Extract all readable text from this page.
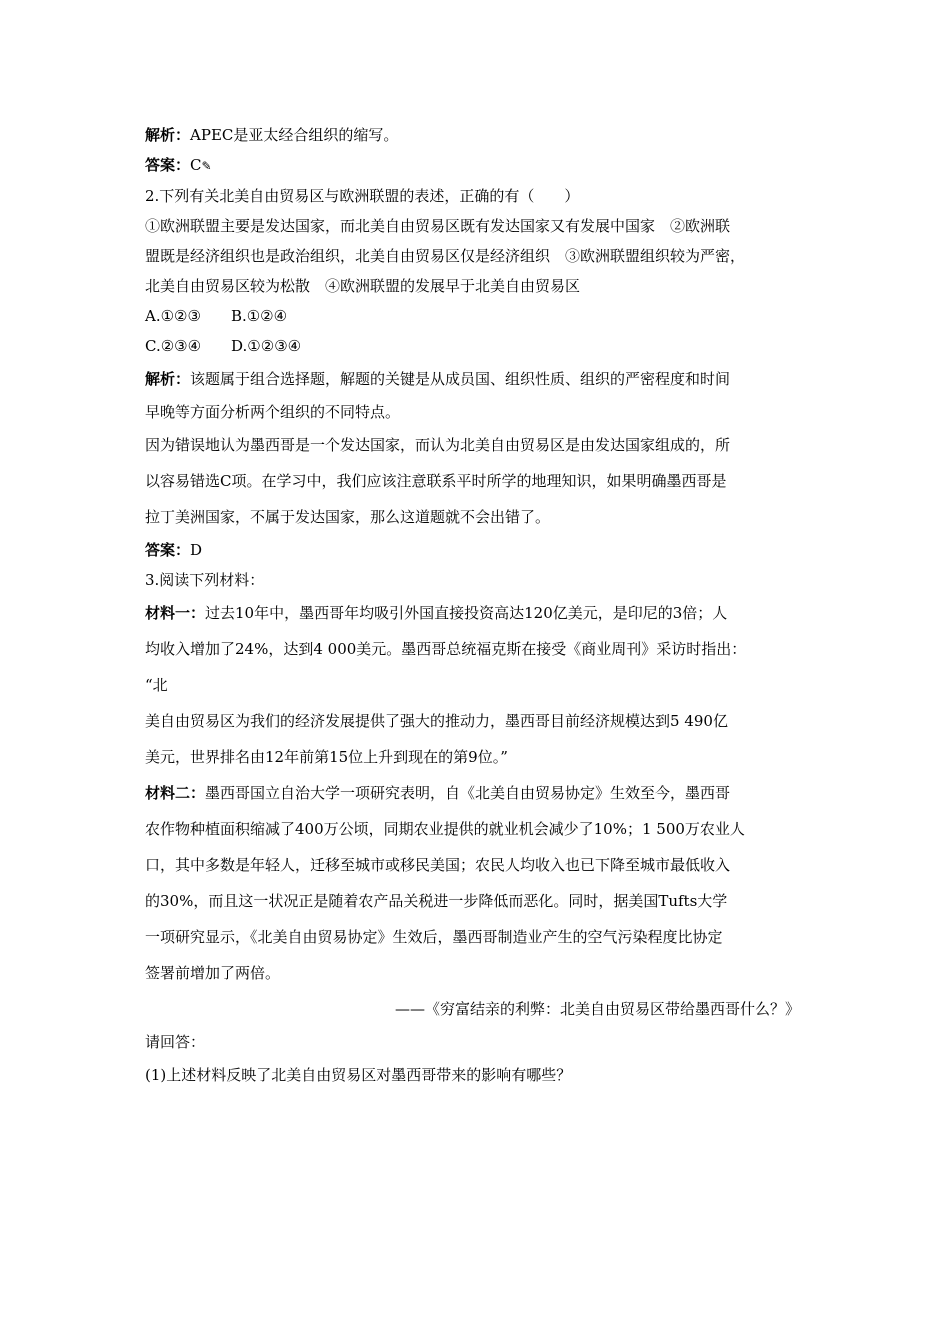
解析：APEC是亚太经合组织的缩写。

答案：C✎

2.下列有关北美自由贸易区与欧洲联盟的表述，正确的有（　　）

①欧洲联盟主要是发达国家，而北美自由贸易区既有发达国家又有发展中国家　②欧洲联

盟既是经济组织也是政治组织，北美自由贸易区仅是经济组织　③欧洲联盟组织较为严密，

北美自由贸易区较为松散　④欧洲联盟的发展早于北美自由贸易区

A.①②③　　B.①②④

C.②③④　　D.①②③④

解析：该题属于组合选择题，解题的关键是从成员国、组织性质、组织的严密程度和时间

早晚等方面分析两个组织的不同特点。

因为错误地认为墨西哥是一个发达国家，而认为北美自由贸易区是由发达国家组成的，所

以容易错选C项。在学习中，我们应该注意联系平时所学的地理知识，如果明确墨西哥是

拉丁美洲国家，不属于发达国家，那么这道题就不会出错了。

答案：D

3.阅读下列材料：

材料一：过去10年中，墨西哥年均吸引外国直接投资高达120亿美元，是印尼的3倍；人

均收入增加了24%，达到4 000美元。墨西哥总统福克斯在接受《商业周刊》采访时指出：

“北

美自由贸易区为我们的经济发展提供了强大的推动力，墨西哥目前经济规模达到5 490亿

美元，世界排名由12年前第15位上升到现在的第9位。”

材料二：墨西哥国立自治大学一项研究表明，自《北美自由贸易协定》生效至今，墨西哥

农作物种植面积缩减了400万公顷，同期农业提供的就业机会减少了10%；1 500万农业人

口，其中多数是年轻人，迁移至城市或移民美国；农民人均收入也已下降至城市最低收入

的30%，而且这一状况正是随着农产品关税进一步降低而恶化。同时，据美国Tufts大学

一项研究显示，《北美自由贸易协定》生效后，墨西哥制造业产生的空气污染程度比协定

签署前增加了两倍。

——《穷富结亲的利弊：北美自由贸易区带给墨西哥什么？》

请回答：

(1)上述材料反映了北美自由贸易区对墨西哥带来的影响有哪些？
